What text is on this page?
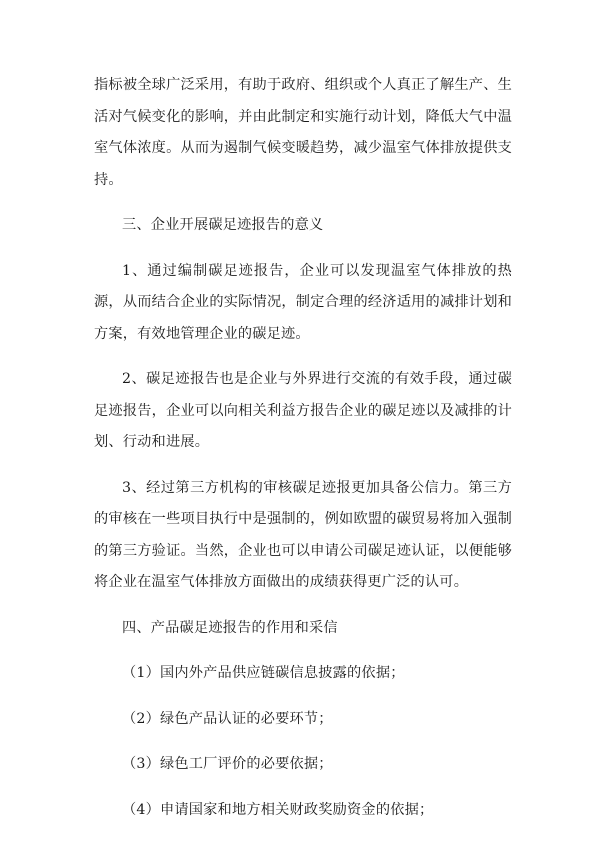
指标被全球广泛采用，有助于政府、组织或个人真正了解生产、生活对气候变化的影响，并由此制定和实施行动计划，降低大气中温室气体浓度。从而为遏制气候变暖趋势，减少温室气体排放提供支持。

三、企业开展碳足迹报告的意义

1、通过编制碳足迹报告，企业可以发现温室气体排放的热源，从而结合企业的实际情况，制定合理的经济适用的减排计划和方案，有效地管理企业的碳足迹。

2、碳足迹报告也是企业与外界进行交流的有效手段，通过碳足迹报告，企业可以向相关利益方报告企业的碳足迹以及减排的计划、行动和进展。

3、经过第三方机构的审核碳足迹报更加具备公信力。第三方的审核在一些项目执行中是强制的，例如欧盟的碳贸易将加入强制的第三方验证。当然，企业也可以申请公司碳足迹认证，以便能够将企业在温室气体排放方面做出的成绩获得更广泛的认可。

四、产品碳足迹报告的作用和采信

（1）国内外产品供应链碳信息披露的依据；

（2）绿色产品认证的必要环节；

（3）绿色工厂评价的必要依据；

（4）申请国家和地方相关财政奖励资金的依据；
